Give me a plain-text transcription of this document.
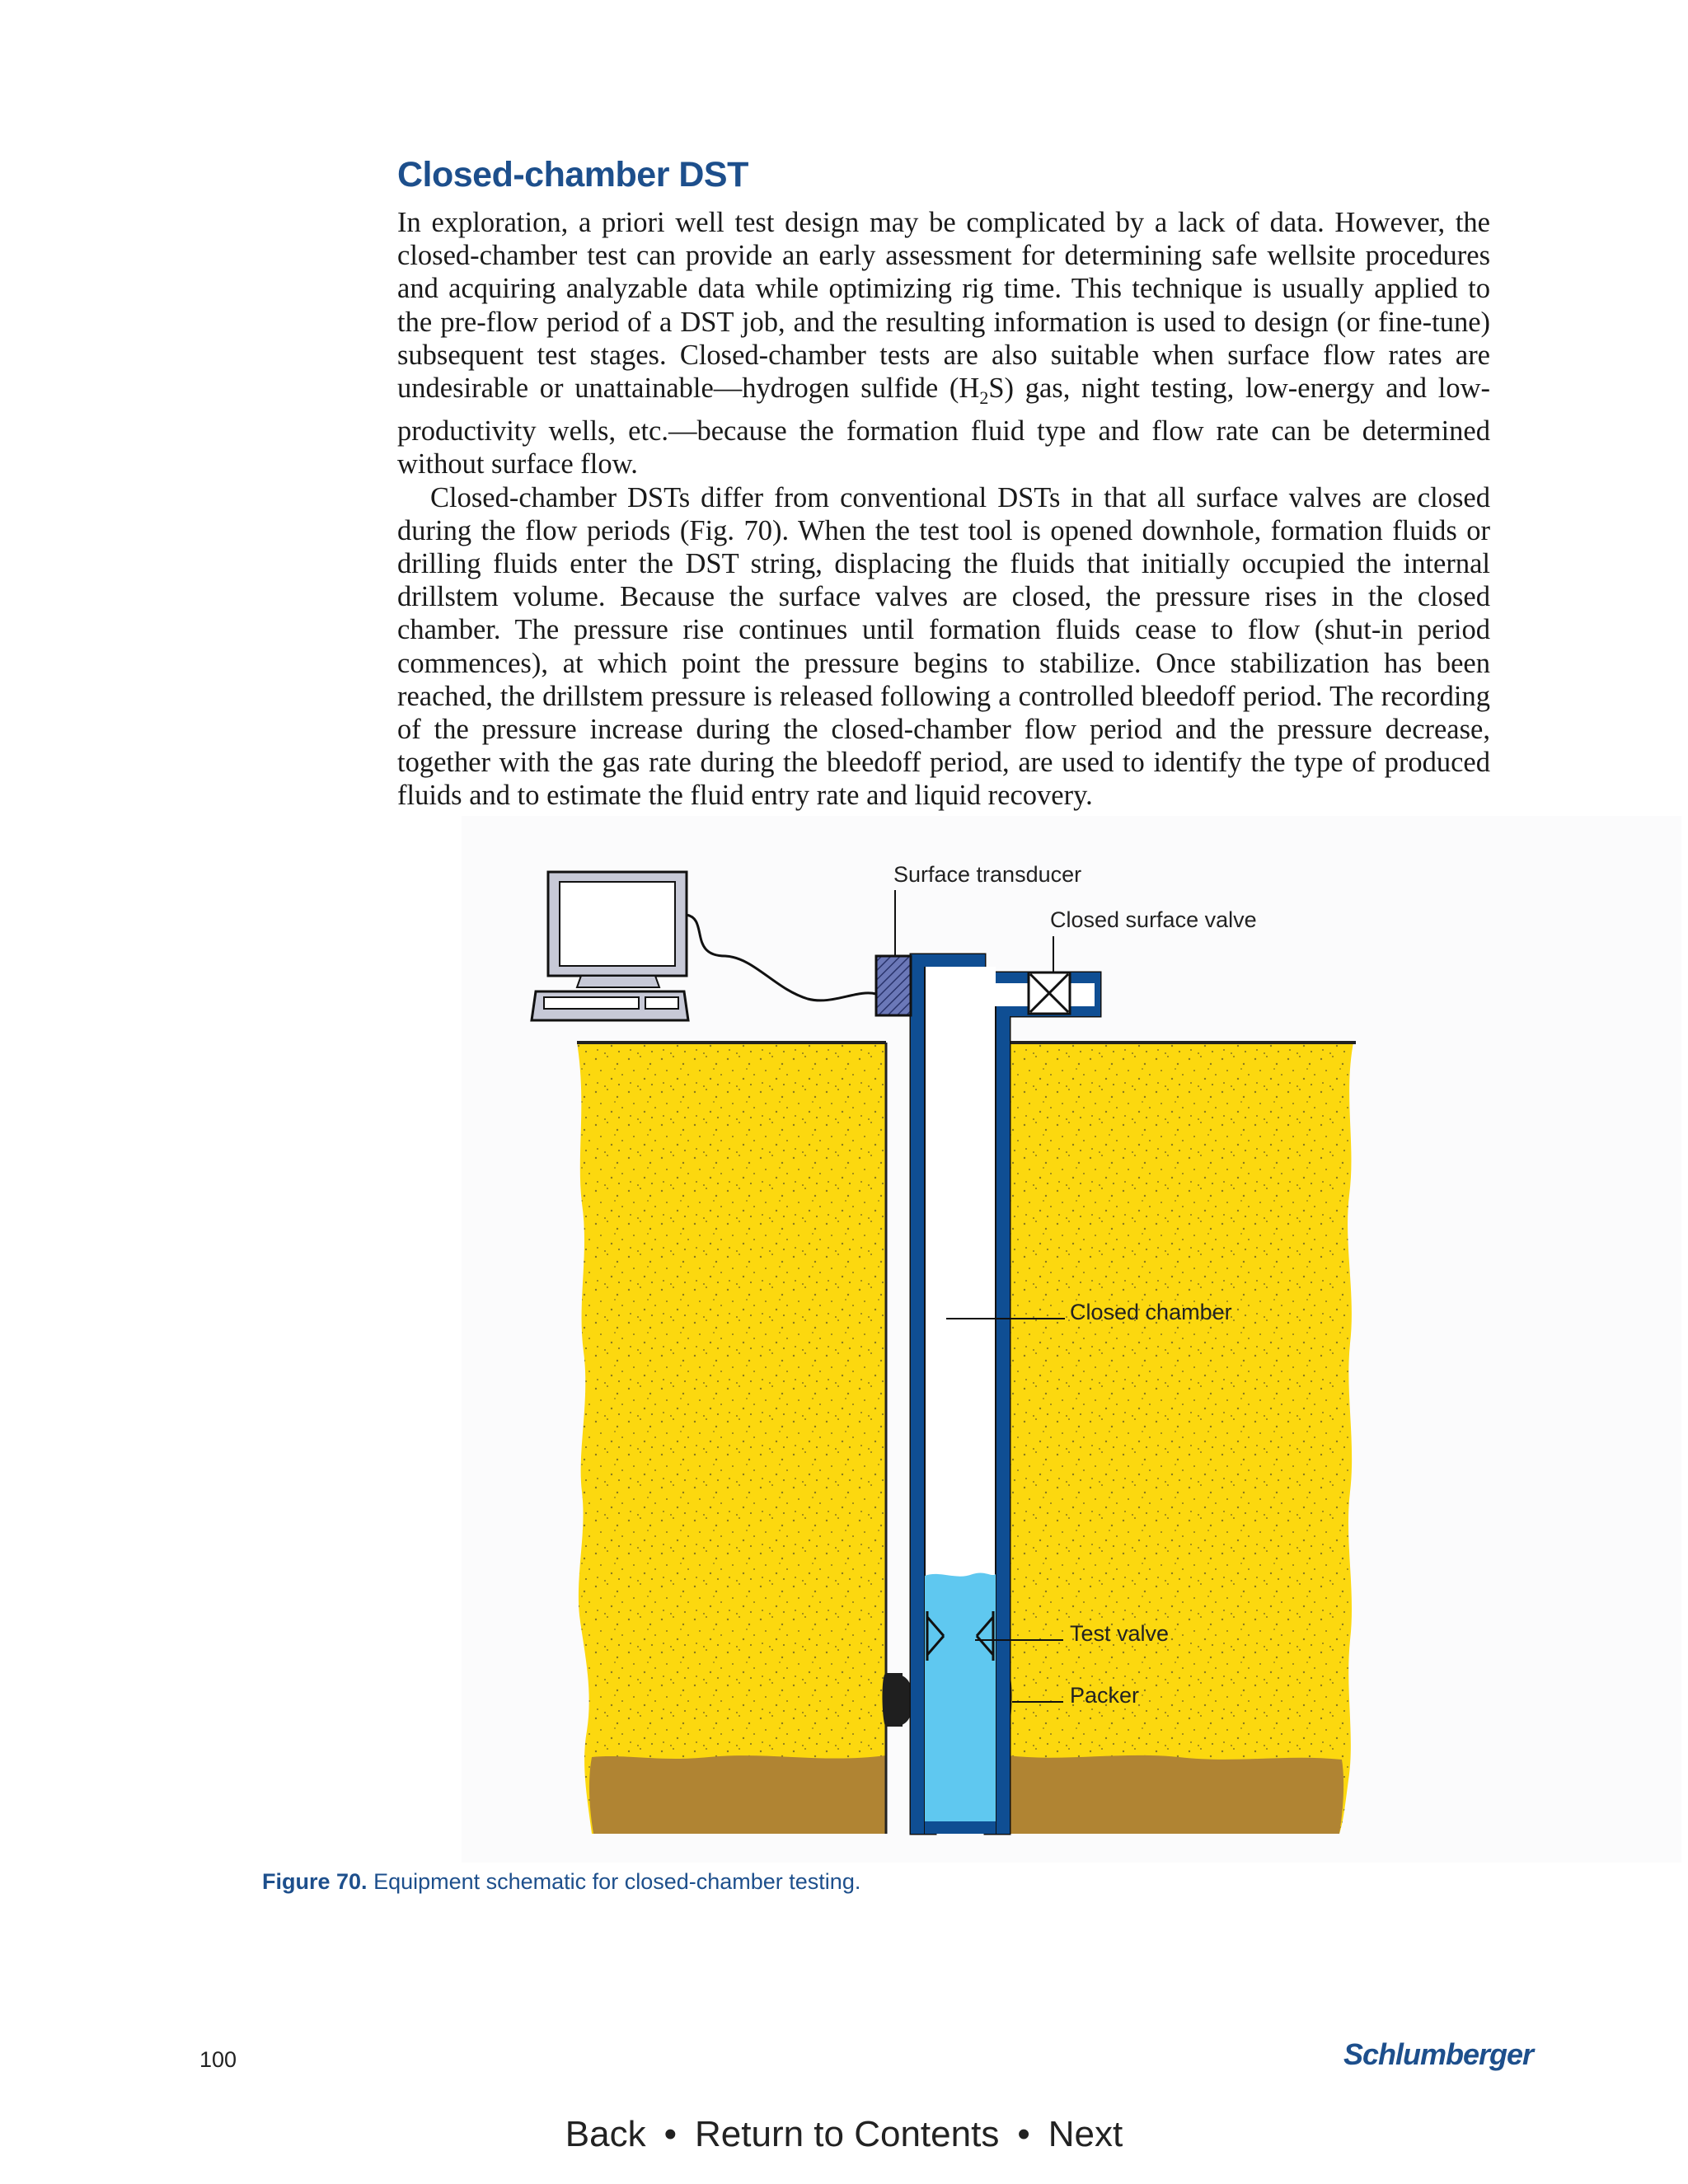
Closed-chamber DST

In exploration, a priori well test design may be complicated by a lack of data. However, the closed-chamber test can provide an early assessment for determining safe wellsite procedures and acquiring analyzable data while optimizing rig time. This technique is usually applied to the pre-flow period of a DST job, and the resulting information is used to design (or fine-tune) subsequent test stages. Closed-chamber tests are also suitable when surface flow rates are undesirable or unattainable—hydrogen sulfide $(H_2S)$ gas, night testing, low-energy and low-productivity wells, etc.—because the formation fluid type and flow rate can be determined without surface flow.

Closed-chamber DSTs differ from conventional DSTs in that all surface valves are closed during the flow periods (Fig. 70). When the test tool is opened downhole, formation fluids or drilling fluids enter the DST string, displacing the fluids that initially occupied the internal drillstem volume. Because the surface valves are closed, the pressure rises in the closed chamber. The pressure rise continues until formation fluids cease to flow (shut-in period commences), at which point the pressure begins to stabilize. Once stabilization has been reached, the drillstem pressure is released following a controlled bleedoff period. The recording of the pressure increase during the closed-chamber flow period and the pressure decrease, together with the gas rate during the bleedoff period, are used to identify the type of produced fluids and to estimate the fluid entry rate and liquid recovery.

Surface transducer
Closed surface valve
Closed chamber
Test valve
Packer
Figure 70. Equipment schematic for closed-chamber testing.
100	Schlumberger
Back • Return to Contents • Next
